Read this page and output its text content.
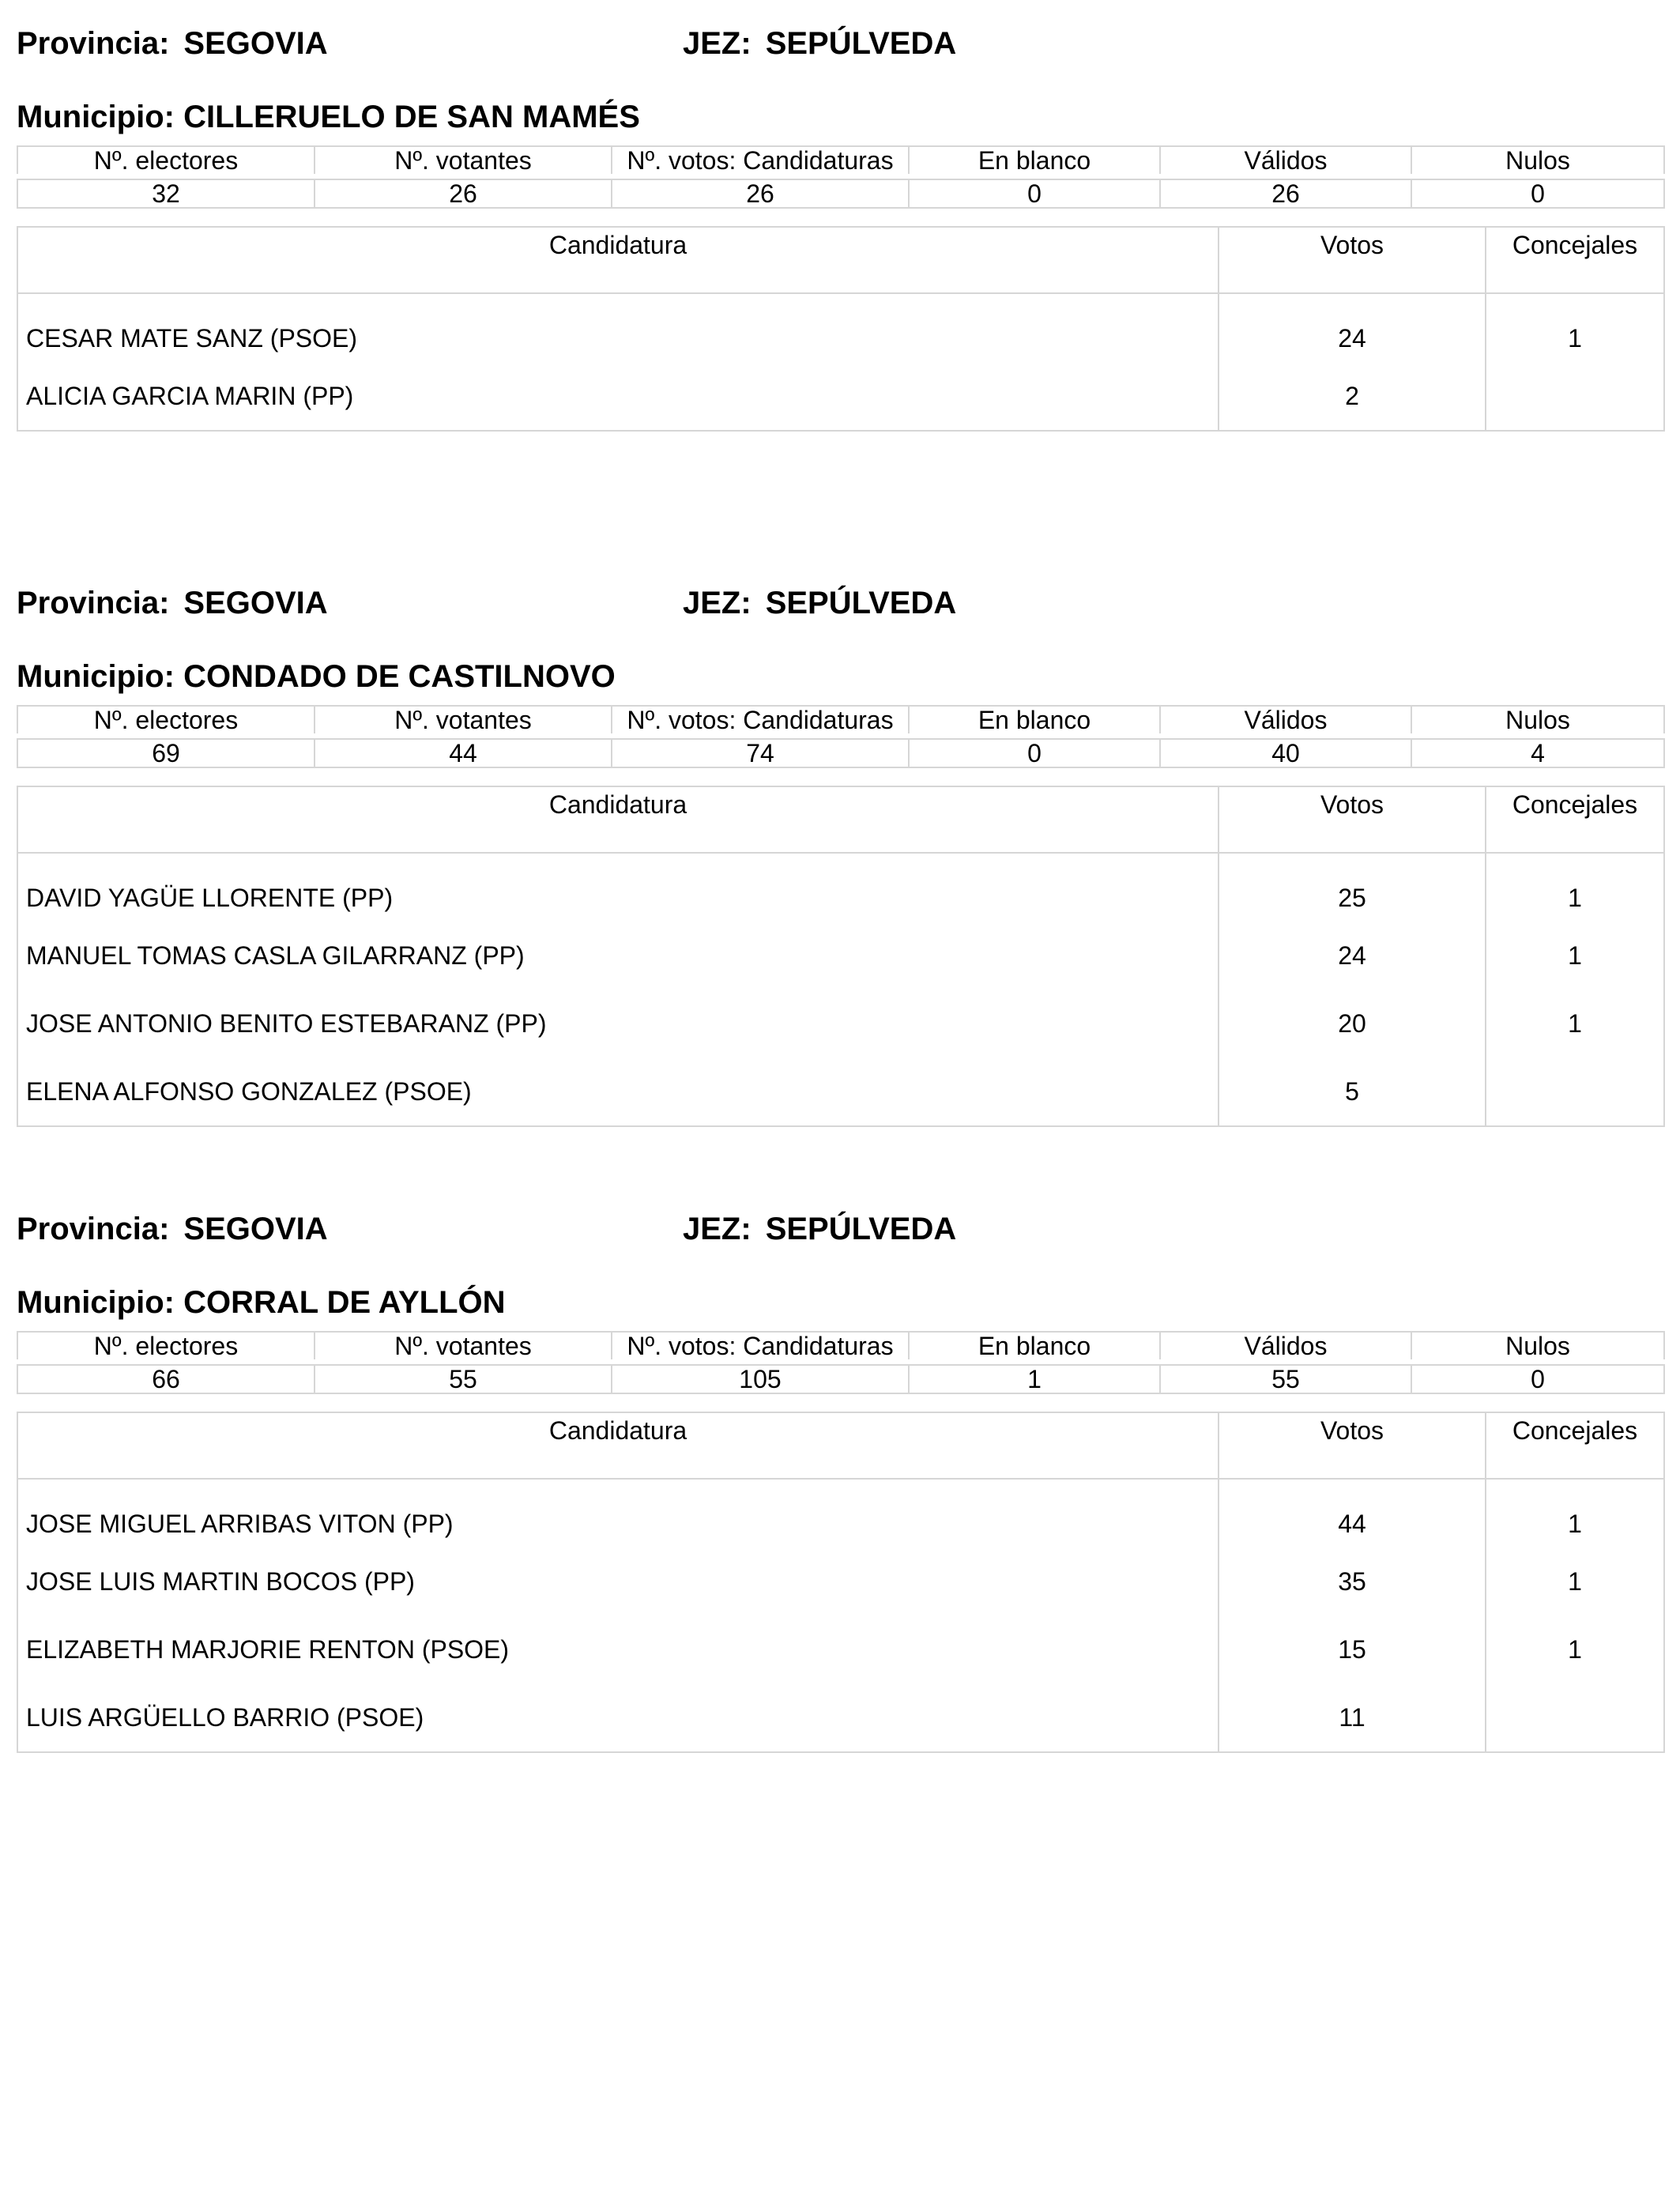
Provincia: SEGOVIA	JEZ: SEPÚLVEDA
Municipio: CILLERUELO DE SAN MAMÉS
Nº. electores	Nº. votantes	Nº. votos: Candidaturas	En blanco	Válidos	Nulos

32	26	26	0	26	0
Candidatura	Votos	Concejales
CESAR MATE SANZ (PSOE)	24	1
ALICIA GARCIA MARIN (PP)	2	
Provincia: SEGOVIA	JEZ: SEPÚLVEDA
Municipio: CONDADO DE CASTILNOVO
Nº. electores	Nº. votantes	Nº. votos: Candidaturas	En blanco	Válidos	Nulos

69	44	74	0	40	4
Candidatura	Votos	Concejales
DAVID YAGÜE LLORENTE (PP)	25	1
MANUEL TOMAS CASLA GILARRANZ (PP)	24	1
JOSE ANTONIO BENITO ESTEBARANZ (PP)	20	1
ELENA ALFONSO GONZALEZ (PSOE)	5	
Provincia: SEGOVIA	JEZ: SEPÚLVEDA
Municipio: CORRAL DE AYLLÓN
Nº. electores	Nº. votantes	Nº. votos: Candidaturas	En blanco	Válidos	Nulos

66	55	105	1	55	0
Candidatura	Votos	Concejales
JOSE MIGUEL ARRIBAS VITON (PP)	44	1
JOSE LUIS MARTIN BOCOS (PP)	35	1
ELIZABETH MARJORIE RENTON (PSOE)	15	1
LUIS ARGÜELLO BARRIO (PSOE)	11	
